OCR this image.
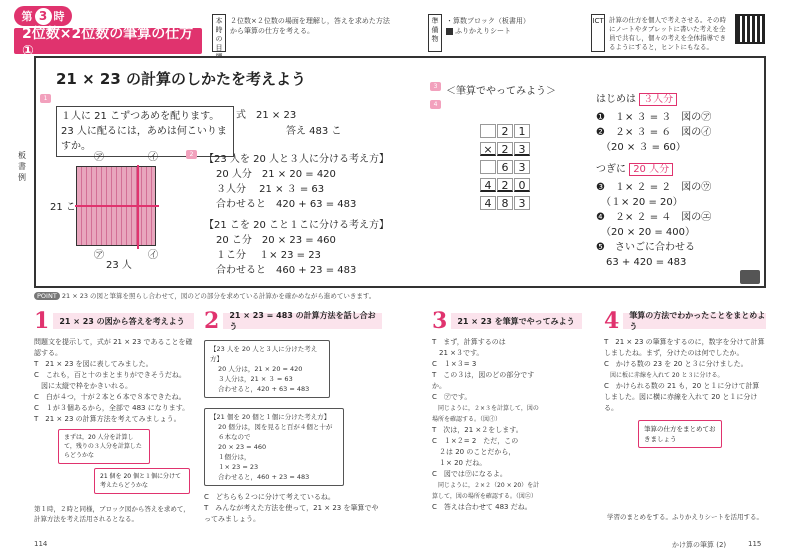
第 3 時
2位数×2位数の筆算の仕方 ①
本時の目
２位数×２位数の場面を理解し，答えを求めた方法から筆算の仕方を考える。
準備物
・算数ブロック（板書用）
ふりかえりシート
ICT 計算の仕方を個人で考えさせる。その時にノートやタブレットに書いた考えを全員で共有し，個々の考えを全体指導できるようにすると，ヒントにもなる。
板書例
21 × 23 の計算のしかたを考えよう
1
１人に 21 こずつあめを配ります。
23 人に配るには，あめは何こいりますか。
式　21 × 23
答え 483 こ
㋐	㋑
21 こ
㋐	㋑
23 人
2	【23 人を 20 人と３人に分ける考え方】
20 人分　21 × 20 = 420
３人分　 21 × ３ = 63
合わせると　420 + 63 = 483
【21 こを 20 こと１こに分ける考え方】
20 こ分　20 × 23 = 460
１こ分　 １× 23 = 23
合わせると　460 + 23 = 483
3 ＜筆算でやってみよう＞
4
2 1
× 2 3
6 3
4 2 0
4 8 3
はじめは ３人分
❶　１× ３ = ３　図の㋐
❷　２× ３ = ６　図の㋑
　（20 × ３ = 60）
つぎに 20 人分
❸　１× ２ = ２　図の㋒
　（１× 20 = 20）
❹　２× ２ = ４　図の㋓
　（20 × 20 = 400）
❺　さいごに合わせる
　63 + 420 = 483
POINT 21 × 23 の図と筆算を照らし合わせて，図のどの部分を求めている計算かを確かめながら進めていきます。
1	21 × 23 の図から答えを考えよう
問題文を提示して，式が 21 × 23 であることを確認する。
T　21 × 23 を図に表してみました。
C　これも，百と十のまとまりができそうだね。
　図に太縦で枠をかきいれる。
C　白が４つ，十が２本と６本で８本できたね。
C　１が３個あるから，全部で 483 になります。
T　21 × 23 の計算方法を考えてみましょう。
まずは，20 人分を計算して，残りの３人分を計算したらどうかな
21 個を 20 個と１個に分けて考えたらどうかな
第１時，２時と同様，ブロック図から答えを求めて，計算方法を考え活用されるとなる。
2	21 × 23 = 483 の計算方法を話し合おう
【23 人を 20 人と３人に分けた考え方】
20 人分は，21 × 20 = 420
３人分は，21 × ３ = 63
合わせると，420 + 63 = 483
【21 個を 20 個と１個に分けた考え方】
20 個分は，図を見ると百が４個と十が６本なので
20 × 23 = 460
１個分は，
１× 23 = 23
合わせると，460 + 23 = 483
C　どちらも２つに分けて考えているね。
T　みんなが考えた方法を使って，21 × 23 を筆算でやってみましょう。
3	21 × 23 を筆算でやってみよう
T　まず，計算するのは
　21 ×３です。
C　１×３= 3
T　この３は，図のどの部分ですか。
C　㋐です。
　同じように，２×３を計算して，図の場所を確認する。（図㋑）
T　次は，21 ×２をします。
C　１×２= 2　ただ，この
　２は 20 のことだから，
　１× 20 だね。
C　図では㋒になるよ。
　同じように，２×２（20 × 20）を計算して，図の場所を確認する。（図㋓）
C　答えは合わせて 483 だね。
4	筆算の方法でわかったことをまとめよう
T　21 × 23 の筆算をするのに，数字を分けて計算しましたね。まず，分けたのは何でしたか。
C　かける数の 23 を 20 と３に分けました。
　図に板に赤線を入れて 20 と３に分ける。
C　かけられる数の 21 も，20 と１に分けて計算しました。図に横に赤線を入れて 20 と１に分ける。
筆算の仕方をまとめておきましょう
学習のまとめをする。ふりかえりシートを活用する。
114	かけ算の筆算 (2)	115
